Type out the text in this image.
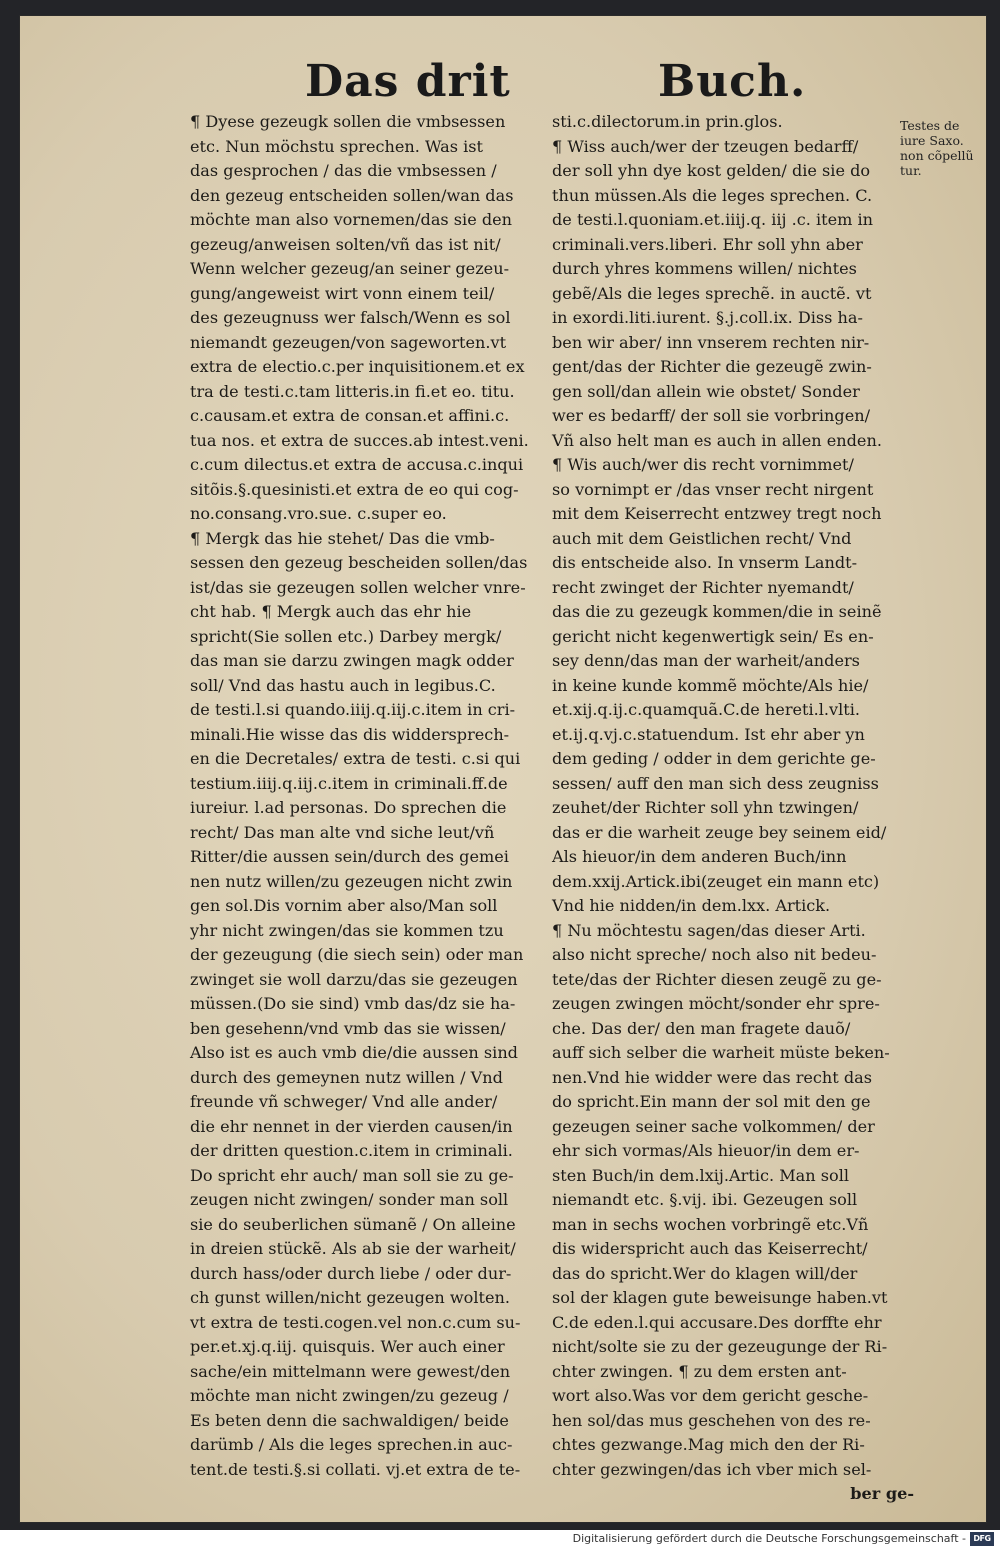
Das drit	Buch.
¶ Dyese gezeugk sollen die vmbsessen
etc. Nun möchstu sprechen. Was ist
das gesprochen / das die vmbsessen /
den gezeug entscheiden sollen/wan das
möchte man also vornemen/das sie den
gezeug/anweisen solten/vñ das ist nit/
Wenn welcher gezeug/an seiner gezeu-
gung/angeweist wirt vonn einem teil/
des gezeugnuss wer falsch/Wenn es sol
niemandt gezeugen/von sageworten.vt
extra de electio.c.per inquisitionem.et ex
tra de testi.c.tam litteris.in fi.et eo. titu.
c.causam.et extra de consan.et affini.c.
tua nos. et extra de succes.ab intest.veni.
c.cum dilectus.et extra de accusa.c.inqui
sitõis.§.quesinisti.et extra de eo qui cog-
no.consang.vro.sue. c.super eo.
¶ Mergk das hie stehet/ Das die vmb-
sessen den gezeug bescheiden sollen/das
ist/das sie gezeugen sollen welcher vnre-
cht hab. ¶ Mergk auch das ehr hie
spricht(Sie sollen etc.) Darbey mergk/
das man sie darzu zwingen magk odder
soll/ Vnd das hastu auch in legibus.C.
de testi.l.si quando.iiij.q.iij.c.item in cri-
minali.Hie wisse das dis widdersprech-
en die Decretales/ extra de testi. c.si qui
testium.iiij.q.iij.c.item in criminali.ff.de
iureiur. l.ad personas. Do sprechen die
recht/ Das man alte vnd siche leut/vñ
Ritter/die aussen sein/durch des gemei
nen nutz willen/zu gezeugen nicht zwin
gen sol.Dis vornim aber also/Man soll
yhr nicht zwingen/das sie kommen tzu
der gezeugung (die siech sein) oder man
zwinget sie woll darzu/das sie gezeugen
müssen.(Do sie sind) vmb das/dz sie ha-
ben gesehenn/vnd vmb das sie wissen/
Also ist es auch vmb die/die aussen sind
durch des gemeynen nutz willen / Vnd
freunde vñ schweger/ Vnd alle ander/
die ehr nennet in der vierden causen/in
der dritten question.c.item in criminali.
Do spricht ehr auch/ man soll sie zu ge-
zeugen nicht zwingen/ sonder man soll
sie do seuberlichen sümanẽ / On alleine
in dreien stückẽ. Als ab sie der warheit/
durch hass/oder durch liebe / oder dur-
ch gunst willen/nicht gezeugen wolten.
vt extra de testi.cogen.vel non.c.cum su-
per.et.xj.q.iij. quisquis. Wer auch einer
sache/ein mittelmann were gewest/den
möchte man nicht zwingen/zu gezeug /
Es beten denn die sachwaldigen/ beide
darümb / Als die leges sprechen.in auc-
tent.de testi.§.si collati. vj.et extra de te-
sti.c.dilectorum.in prin.glos.
¶ Wiss auch/wer der tzeugen bedarff/
der soll yhn dye kost gelden/ die sie do
thun müssen.Als die leges sprechen. C.
de testi.l.quoniam.et.iiij.q. iij .c. item in
criminali.vers.liberi. Ehr soll yhn aber
durch yhres kommens willen/ nichtes
gebẽ/Als die leges sprechẽ. in auctẽ. vt
in exordi.liti.iurent. §.j.coll.ix. Diss ha-
ben wir aber/ inn vnserem rechten nir-
gent/das der Richter die gezeugẽ zwin-
gen soll/dan allein wie obstet/ Sonder
wer es bedarff/ der soll sie vorbringen/
Vñ also helt man es auch in allen enden.
¶ Wis auch/wer dis recht vornimmet/
so vornimpt er /das vnser recht nirgent
mit dem Keiserrecht entzwey tregt noch
auch mit dem Geistlichen recht/ Vnd
dis entscheide also. In vnserm Landt-
recht zwinget der Richter nyemandt/
das die zu gezeugk kommen/die in seinẽ
gericht nicht kegenwertigk sein/ Es en-
sey denn/das man der warheit/anders
in keine kunde kommẽ möchte/Als hie/
et.xij.q.ij.c.quamquã.C.de hereti.l.vlti.
et.ij.q.vj.c.statuendum. Ist ehr aber yn
dem geding / odder in dem gerichte ge-
sessen/ auff den man sich dess zeugniss
zeuhet/der Richter soll yhn tzwingen/
das er die warheit zeuge bey seinem eid/
Als hieuor/in dem anderen Buch/inn
dem.xxij.Artick.ibi(zeuget ein mann etc)
Vnd hie nidden/in dem.lxx. Artick.
¶ Nu möchtestu sagen/das dieser Arti.
also nicht spreche/ noch also nit bedeu-
tete/das der Richter diesen zeugẽ zu ge-
zeugen zwingen möcht/sonder ehr spre-
che. Das der/ den man fragete dauõ/
auff sich selber die warheit müste beken-
nen.Vnd hie widder were das recht das
do spricht.Ein mann der sol mit den ge
gezeugen seiner sache volkommen/ der
ehr sich vormas/Als hieuor/in dem er-
sten Buch/in dem.lxij.Artic. Man soll
niemandt etc. §.vij. ibi. Gezeugen soll
man in sechs wochen vorbringẽ etc.Vñ
dis widerspricht auch das Keiserrecht/
das do spricht.Wer do klagen will/der
sol der klagen gute beweisunge haben.vt
C.de eden.l.qui accusare.Des dorffte ehr
nicht/solte sie zu der gezeugunge der Ri-
chter zwingen. ¶ zu dem ersten ant-
wort also.Was vor dem gericht gesche-
hen sol/das mus geschehen von des re-
chtes gezwange.Mag mich den der Ri-
chter gezwingen/das ich vber mich sel-
ber ge-
Testes de
iure Saxo.
non cõpellũ
tur.
Digitalisierung gefördert durch die Deutsche Forschungsgemeinschaft - DFG
